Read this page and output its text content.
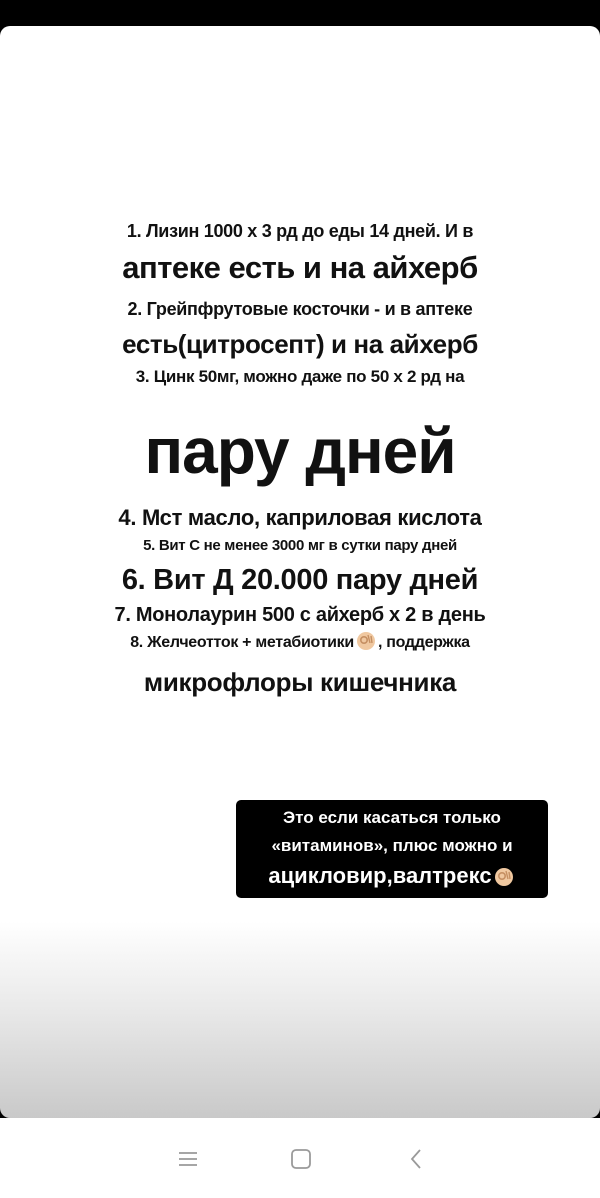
1. Лизин 1000 х 3 рд до еды 14 дней. И в
аптеке есть и на айхерб
2. Грейпфрутовые косточки - и в аптеке
есть(цитросепт) и на айхерб
3. Цинк 50мг, можно даже по 50 х 2 рд на
пару дней
4. Мст масло, каприловая кислота
5. Вит С не менее 3000 мг в сутки пару дней
6. Вит Д 20.000 пару дней
7. Монолаурин 500 с айхерб х 2 в день
8. Желчеотток + метабиотики , поддержка
микрофлоры кишечника
Это если касаться только
«витаминов», плюс можно и
ацикловир,валтрекс
